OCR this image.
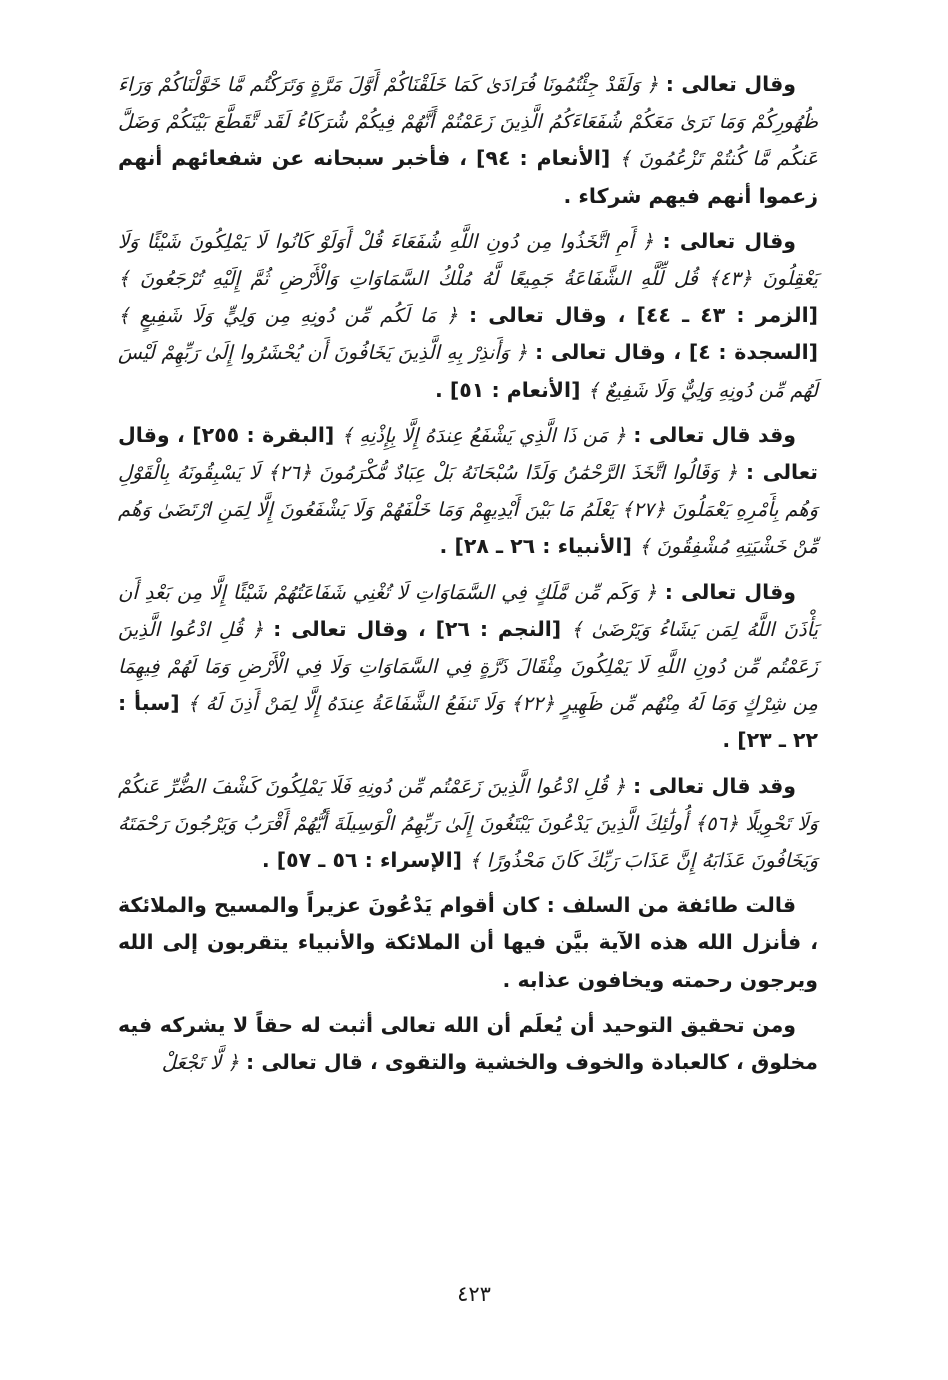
وقال تعالى : ﴿ وَلَقَدْ جِئْتُمُونَا فُرَادَىٰ كَمَا خَلَقْنَاكُمْ أَوَّلَ مَرَّةٍ وَتَرَكْتُم مَّا خَوَّلْنَاكُمْ وَرَاءَ ظُهُورِكُمْ وَمَا نَرَىٰ مَعَكُمْ شُفَعَاءَكُمُ الَّذِينَ زَعَمْتُمْ أَنَّهُمْ فِيكُمْ شُرَكَاءُ لَقَد تَّقَطَّعَ بَيْنَكُمْ وَضَلَّ عَنكُم مَّا كُنتُمْ تَزْعُمُونَ ﴾ [الأنعام : ٩٤] ، فأخبر سبحانه عن شفعائهم أنهم زعموا أنهم فيهم شركاء .

وقال تعالى : ﴿ أَمِ اتَّخَذُوا مِن دُونِ اللَّهِ شُفَعَاءَ قُلْ أَوَلَوْ كَانُوا لَا يَمْلِكُونَ شَيْئًا وَلَا يَعْقِلُونَ ﴿٤٣﴾ قُل لِّلَّهِ الشَّفَاعَةُ جَمِيعًا لَّهُ مُلْكُ السَّمَاوَاتِ وَالْأَرْضِ ثُمَّ إِلَيْهِ تُرْجَعُونَ ﴾ [الزمر : ٤٣ ـ ٤٤] ، وقال تعالى : ﴿ مَا لَكُم مِّن دُونِهِ مِن وَلِيٍّ وَلَا شَفِيعٍ ﴾ [السجدة : ٤] ، وقال تعالى : ﴿ وَأَنذِرْ بِهِ الَّذِينَ يَخَافُونَ أَن يُحْشَرُوا إِلَىٰ رَبِّهِمْ لَيْسَ لَهُم مِّن دُونِهِ وَلِيٌّ وَلَا شَفِيعٌ ﴾ [الأنعام : ٥١] .

وقد قال تعالى : ﴿ مَن ذَا الَّذِي يَشْفَعُ عِندَهُ إِلَّا بِإِذْنِهِ ﴾ [البقرة : ٢٥٥] ، وقال تعالى : ﴿ وَقَالُوا اتَّخَذَ الرَّحْمَٰنُ وَلَدًا سُبْحَانَهُ بَلْ عِبَادٌ مُّكْرَمُونَ ﴿٢٦﴾ لَا يَسْبِقُونَهُ بِالْقَوْلِ وَهُم بِأَمْرِهِ يَعْمَلُونَ ﴿٢٧﴾ يَعْلَمُ مَا بَيْنَ أَيْدِيهِمْ وَمَا خَلْفَهُمْ وَلَا يَشْفَعُونَ إِلَّا لِمَنِ ارْتَضَىٰ وَهُم مِّنْ خَشْيَتِهِ مُشْفِقُونَ ﴾ [الأنبياء : ٢٦ ـ ٢٨] .

وقال تعالى : ﴿ وَكَم مِّن مَّلَكٍ فِي السَّمَاوَاتِ لَا تُغْنِي شَفَاعَتُهُمْ شَيْئًا إِلَّا مِن بَعْدِ أَن يَأْذَنَ اللَّهُ لِمَن يَشَاءُ وَيَرْضَىٰ ﴾ [النجم : ٢٦] ، وقال تعالى : ﴿ قُلِ ادْعُوا الَّذِينَ زَعَمْتُم مِّن دُونِ اللَّهِ لَا يَمْلِكُونَ مِثْقَالَ ذَرَّةٍ فِي السَّمَاوَاتِ وَلَا فِي الْأَرْضِ وَمَا لَهُمْ فِيهِمَا مِن شِرْكٍ وَمَا لَهُ مِنْهُم مِّن ظَهِيرٍ ﴿٢٢﴾ وَلَا تَنفَعُ الشَّفَاعَةُ عِندَهُ إِلَّا لِمَنْ أَذِنَ لَهُ ﴾ [سبأ : ٢٢ ـ ٢٣] .

وقد قال تعالى : ﴿ قُلِ ادْعُوا الَّذِينَ زَعَمْتُم مِّن دُونِهِ فَلَا يَمْلِكُونَ كَشْفَ الضُّرِّ عَنكُمْ وَلَا تَحْوِيلًا ﴿٥٦﴾ أُولَٰئِكَ الَّذِينَ يَدْعُونَ يَبْتَغُونَ إِلَىٰ رَبِّهِمُ الْوَسِيلَةَ أَيُّهُمْ أَقْرَبُ وَيَرْجُونَ رَحْمَتَهُ وَيَخَافُونَ عَذَابَهُ إِنَّ عَذَابَ رَبِّكَ كَانَ مَحْذُورًا ﴾ [الإسراء : ٥٦ ـ ٥٧] .

قالت طائفة من السلف : كان أقوام يَدْعُونَ عزيراً والمسيح والملائكة ، فأنزل الله هذه الآية بيَّن فيها أن الملائكة والأنبياء يتقربون إلى الله ويرجون رحمته ويخافون عذابه .

ومن تحقيق التوحيد أن يُعلَم أن الله تعالى أثبت له حقاً لا يشركه فيه مخلوق ، كالعبادة والخوف والخشية والتقوى ، قال تعالى : ﴿ لَّا تَجْعَلْ

٤٢٣
